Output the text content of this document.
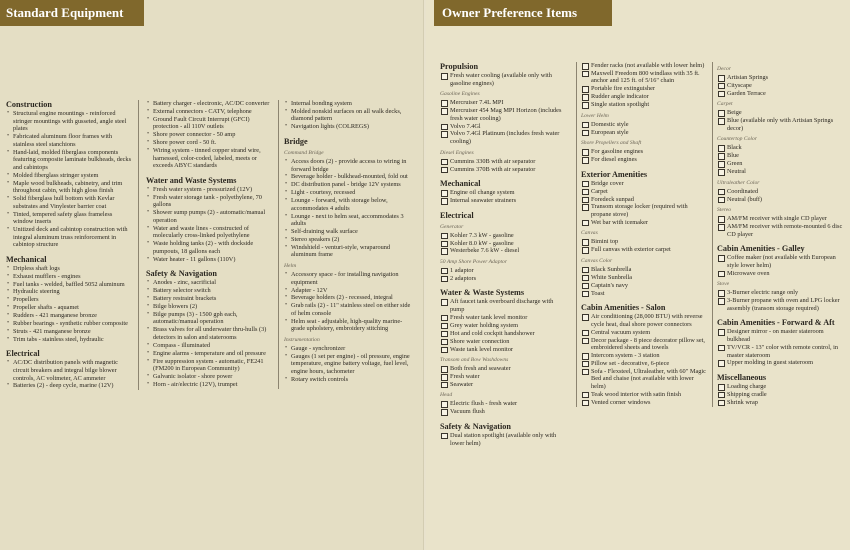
Standard Equipment
Construction
• Structural engine mountings - reinforced stringer mountings with gusseted, angle steel plates
• Fabricated aluminum floor frames with stainless steel stanchions
• Hand-laid, molded fiberglass components featuring composite laminate bulkheads, decks and cabintops
• Molded fiberglass stringer system
• Maple wood bulkheads, cabinetry, and trim throughout cabin, with high gloss finish
• Solid fiberglass hull bottom with Kevlar substrates and Vinylester barrier coat
• Tinted, tempered safety glass frameless window inserts
• Unitized deck and cabintop construction with integral aluminum truss reinforcement in cabintop structure
Mechanical
• Dripless shaft logs
• Exhaust mufflers - engines
• Fuel tanks - welded, baffled 5052 aluminum
• Hydraulic steering
• Propellers
• Propeller shafts - aquamet
• Rudders - 421 manganese bronze
• Rubber bearings - synthetic rubber composite
• Struts - 421 manganese bronze
• Trim tabs - stainless steel, hydraulic
Electrical
• AC/DC distribution panels with magnetic circuit breakers and integral bilge blower controls, AC voltmeter, AC ammeter
• Batteries (2) - deep cycle, marine (12V)
• Battery charger - electronic, AC/DC converter
• External connectors - CATV, telephone
• Ground Fault Circuit Interrupt (GFCI) protection - all 110V outlets
• Shore power connector - 50 amp
• Shore power cord - 50 ft.
• Wiring system - tinned copper strand wire, harnessed, color-coded, labeled, meets or exceeds ABYC standards
Water and Waste Systems
• Fresh water system - pressurized (12V)
• Fresh water storage tank - polyethylene, 70 gallons
• Shower sump pumps (2) - automatic/manual operation
• Water and waste lines - constructed of molecularly cross-linked polyethylene
• Waste holding tanks (2) - with dockside pumpouts, 18 gallons each
• Water heater - 11 gallons (110V)
Safety & Navigation
• Anodes - zinc, sacrificial
• Battery selector switch
• Battery restraint brackets
• Bilge blowers (2)
• Bilge pumps (3) - 1500 gph each, automatic/manual operation
• Brass valves for all underwater thru-hulls (3) detectors in salon and staterooms
• Compass - illuminated
• Engine alarms - temperature and oil pressure
• Fire suppression system - automatic, FE241 (FM200 in European Community)
• Galvanic isolator - shore power
• Horn - air/electric (12V), trumpet
• Internal bonding system
• Molded nonskid surfaces on all walk decks, diamond pattern
• Navigation lights (COLREGS)
Bridge
Command Bridge
• Access doors (2) - provide access to wiring in forward bridge
• Beverage holder - bulkhead-mounted, fold out
• DC distribution panel - bridge 12V systems
• Light - courtesy, recessed
• Lounge - forward, with storage below, accommodates 4 adults
• Lounge - next to helm seat, accommodates 3 adults
• Self-draining walk surface
• Stereo speakers (2)
• Windshield - venturi-style, wraparound aluminum frame
Helm
• Accessory space - for installing navigation equipment
• Adapter - 12V
• Beverage holders (2) - recessed, integral
• Grab rails (2) - 11" stainless steel on either side of helm console
• Helm seat - adjustable, high-quality marine-grade upholstery, embroidery stitching
Instrumentation
• Gauge - synchronizer
• Gauges (1 set per engine) - oil pressure, engine temperature, engine battery voltage, fuel level, engine hours, tachometer
• Rotary switch controls
Owner Preference Items
Propulsion
Fresh water cooling (available only with gasoline engines)
Gasoline Engines
Mercruiser 7.4L MPI
Mercruiser 454 Mag MPI Horizon (includes fresh water cooling)
Volvo 7.4Gl
Volvo 7.4Gl Platinum (includes fresh water cooling)
Diesel Engines
Cummins 330B with air separator
Cummins 370B with air separator
Mechanical
Engine oil change system
Internal seawater strainers
Electrical
Generator
Kohler 7.3 kW - gasoline
Kohler 8.0 kW - gasoline
Westerbeke 7.6 kW - diesel
50 Amp Shore Power Adaptor
1 adaptor
2 adaptors
Water & Waste Systems
Aft faucet tank overboard discharge with pump
Fresh water tank level monitor
Grey water holding system
Hot and cold cockpit handshower
Shore water connection
Waste tank level monitor
Transom and Bow Washdowns
Both fresh and seawater
Fresh water
Seawater
Head
Electric flush - fresh water
Vacuum flush
Safety & Navigation
Dual station spotlight (available only with lower helm)
Fender racks (not available with lower helm)
Maxwell Freedom 800 windlass with 35 ft. anchor and 125 ft. of 5/16" chain
Portable fire extinguisher
Rudder angle indicator
Single station spotlight
Lower Helm
Domestic style
European style
Shore Propellers and Shaft
For gasoline engines
For diesel engines
Exterior Amenities
Bridge cover
Carpet
Foredeck sunpad
Transom storage locker (required with propane stove)
Wet bar with icemaker
Canvas
Bimini top
Full canvas with exterior carpet
Canvas Color
Black Sunbrella
White Sunbrella
Captain's navy
Toast
Cabin Amenities - Salon
Air conditioning (28,000 BTU) with reverse cycle heat, dual shore power connectors
Central vacuum system
Decor package - 8 piece decorator pillow set, embroidered sheets and towels
Intercom system - 3 station
Pillow set - decorative, 6-piece
Sofa - Flexsteel, Ultraleather, with 60" Magic Bed and chaise (not available with lower helm)
Teak wood interior with satin finish
Vented corner windows
Decor
Artisian Springs
Cityscape
Garden Terrace
Carpet
Beige
Blue (available only with Artisian Springs decor)
Countertop Color
Black
Blue
Green
Neutral
Ultraleather Color
Coordinated
Neutral (buff)
Stereo
AM/FM receiver with single CD player
AM/FM receiver with remote-mounted 6 disc CD player
Cabin Amenities - Galley
Coffee maker (not available with European style lower helm)
Microwave oven
Stove
3-Burner electric range only
3-Burner propane with oven and LPG locker assembly (transom storage required)
Cabin Amenities - Forward & Aft
Designer mirror - on master stateroom bulkhead
TV/VCR - 13" color with remote control, in master stateroom
Upper molding in guest stateroom
Miscellaneous
Loading charge
Shipping cradle
Shrink wrap
